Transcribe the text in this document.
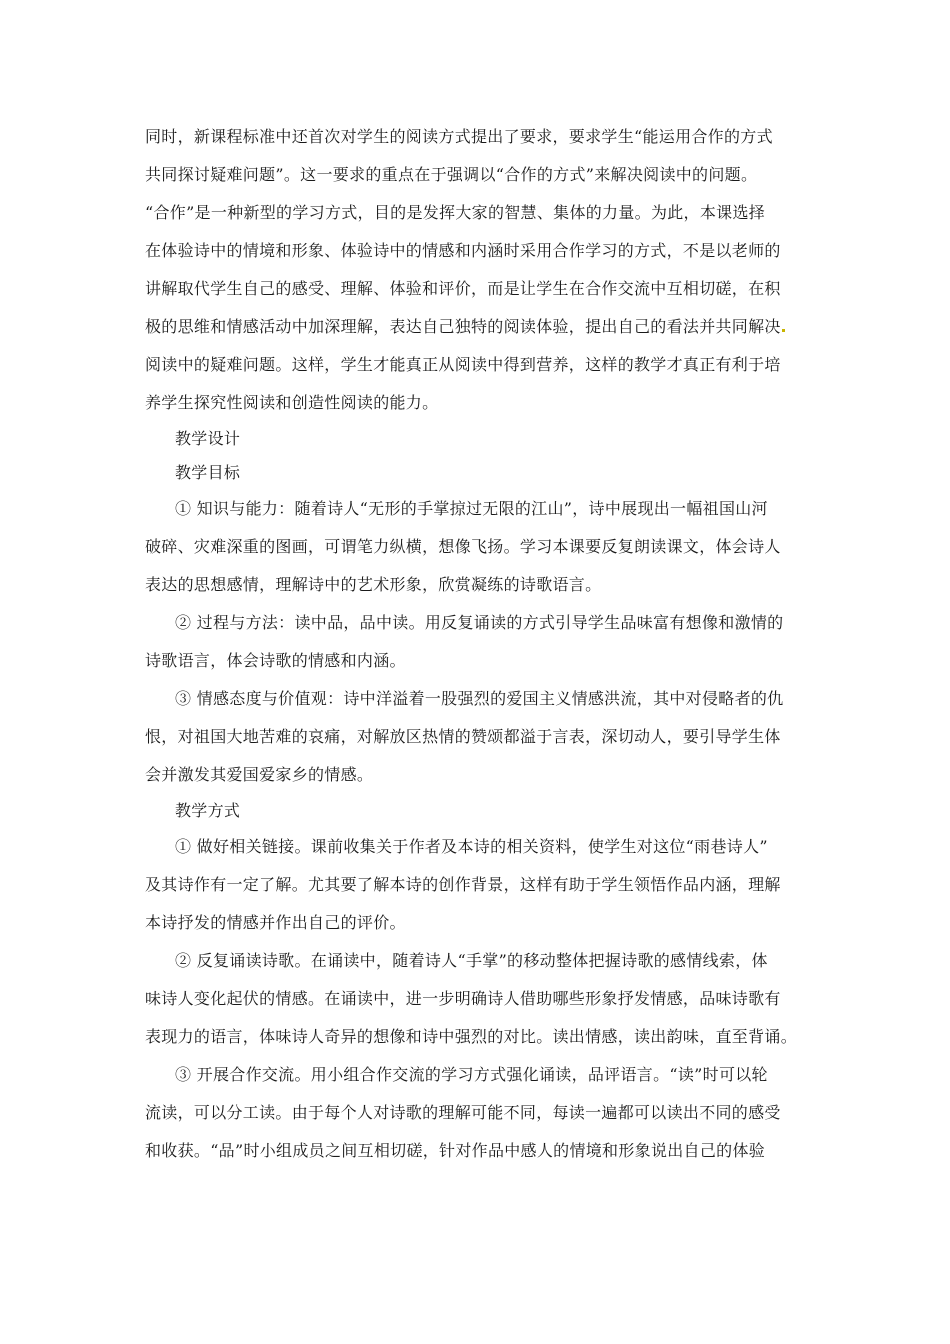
同时，新课程标准中还首次对学生的阅读方式提出了要求，要求学生“能运用合作的方式
共同探讨疑难问题”。这一要求的重点在于强调以“合作的方式”来解决阅读中的问题。
“合作”是一种新型的学习方式，目的是发挥大家的智慧、集体的力量。为此，本课选择
在体验诗中的情境和形象、体验诗中的情感和内涵时采用合作学习的方式，不是以老师的
讲解取代学生自己的感受、理解、体验和评价，而是让学生在合作交流中互相切磋，在积
极的思维和情感活动中加深理解，表达自己独特的阅读体验，提出自己的看法并共同解决
阅读中的疑难问题。这样，学生才能真正从阅读中得到营养，这样的教学才真正有利于培
养学生探究性阅读和创造性阅读的能力。
教学设计
教学目标
① 知识与能力：随着诗人“无形的手掌掠过无限的江山”，诗中展现出一幅祖国山河
破碎、灾难深重的图画，可谓笔力纵横，想像飞扬。学习本课要反复朗读课文，体会诗人
表达的思想感情，理解诗中的艺术形象，欣赏凝练的诗歌语言。
② 过程与方法：读中品，品中读。用反复诵读的方式引导学生品味富有想像和激情的
诗歌语言，体会诗歌的情感和内涵。
③ 情感态度与价值观：诗中洋溢着一股强烈的爱国主义情感洪流，其中对侵略者的仇
恨，对祖国大地苦难的哀痛，对解放区热情的赞颂都溢于言表，深切动人，要引导学生体
会并激发其爱国爱家乡的情感。
教学方式
① 做好相关链接。课前收集关于作者及本诗的相关资料，使学生对这位“雨巷诗人”
及其诗作有一定了解。尤其要了解本诗的创作背景，这样有助于学生领悟作品内涵，理解
本诗抒发的情感并作出自己的评价。
② 反复诵读诗歌。在诵读中，随着诗人“手掌”的移动整体把握诗歌的感情线索，体
味诗人变化起伏的情感。在诵读中，进一步明确诗人借助哪些形象抒发情感，品味诗歌有
表现力的语言，体味诗人奇异的想像和诗中强烈的对比。读出情感，读出韵味，直至背诵。
③ 开展合作交流。用小组合作交流的学习方式强化诵读，品评语言。“读”时可以轮
流读，可以分工读。由于每个人对诗歌的理解可能不同，每读一遍都可以读出不同的感受
和收获。“品”时小组成员之间互相切磋，针对作品中感人的情境和形象说出自己的体验
